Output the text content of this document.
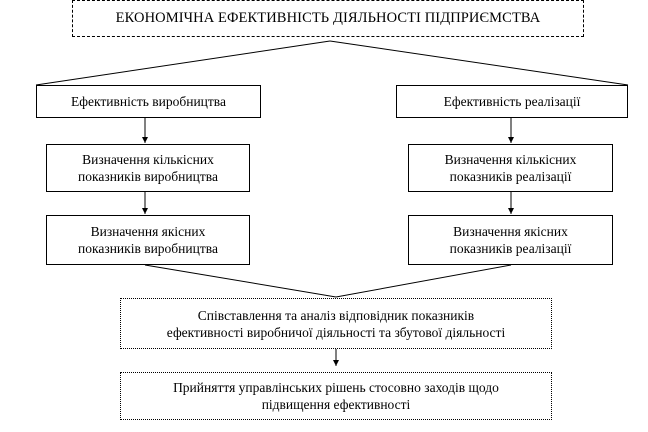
ЕКОНОМІЧНА ЕФЕКТИВНІСТЬ ДІЯЛЬНОСТІ ПІДПРИЄМСТВА
Ефективність виробництва	Ефективність реалізації
Визначення кількісних
показників виробництва
Визначення кількісних
показників реалізації
Визначення якісних
показників виробництва
Визначення якісних
показників реалізації
Співставлення та аналіз відповідник показників
ефективності виробничої діяльності та збутової діяльності
Прийняття управлінських рішень стосовно заходів щодо
підвищення ефективності
